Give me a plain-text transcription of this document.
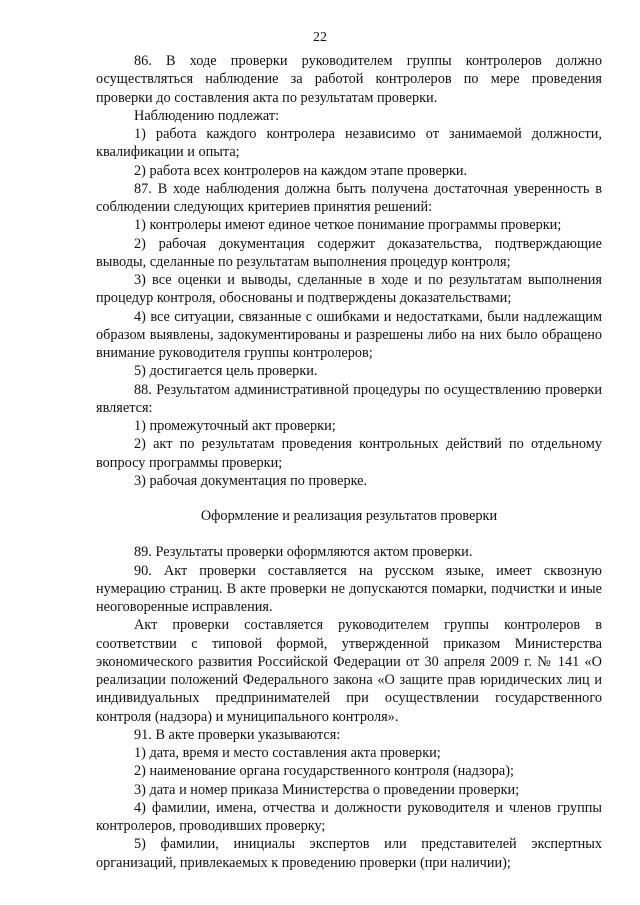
22

86. В ходе проверки руководителем группы контролеров должно осуществляться наблюдение за работой контролеров по мере проведения проверки до составления акта по результатам проверки.

Наблюдению подлежат:

1) работа каждого контролера независимо от занимаемой должности, квалификации и опыта;

2) работа всех контролеров на каждом этапе проверки.

87. В ходе наблюдения должна быть получена достаточная уверенность в соблюдении следующих критериев принятия решений:

1) контролеры имеют единое четкое понимание программы проверки;

2) рабочая документация содержит доказательства, подтверждающие выводы, сделанные по результатам выполнения процедур контроля;

3) все оценки и выводы, сделанные в ходе и по результатам выполнения процедур контроля, обоснованы и подтверждены доказательствами;

4) все ситуации, связанные с ошибками и недостатками, были надлежащим образом выявлены, задокументированы и разрешены либо на них было обращено внимание руководителя группы контролеров;

5) достигается цель проверки.

88. Результатом административной процедуры по осуществлению проверки является:

1) промежуточный акт проверки;

2) акт по результатам проведения контрольных действий по отдельному вопросу программы проверки;

3) рабочая документация по проверке.

Оформление и реализация результатов проверки

89. Результаты проверки оформляются актом проверки.

90. Акт проверки составляется на русском языке, имеет сквозную нумерацию страниц. В акте проверки не допускаются помарки, подчистки и иные неоговоренные исправления.

Акт проверки составляется руководителем группы контролеров в соответствии с типовой формой, утвержденной приказом Министерства экономического развития Российской Федерации от 30 апреля 2009 г. № 141 «О реализации положений Федерального закона «О защите прав юридических лиц и индивидуальных предпринимателей при осуществлении государственного контроля (надзора) и муниципального контроля».

91. В акте проверки указываются:

1) дата, время и место составления акта проверки;

2) наименование органа государственного контроля (надзора);

3) дата и номер приказа Министерства о проведении проверки;

4) фамилии, имена, отчества и должности руководителя и членов группы контролеров, проводивших проверку;

5) фамилии, инициалы экспертов или представителей экспертных организаций, привлекаемых к проведению проверки (при наличии);
